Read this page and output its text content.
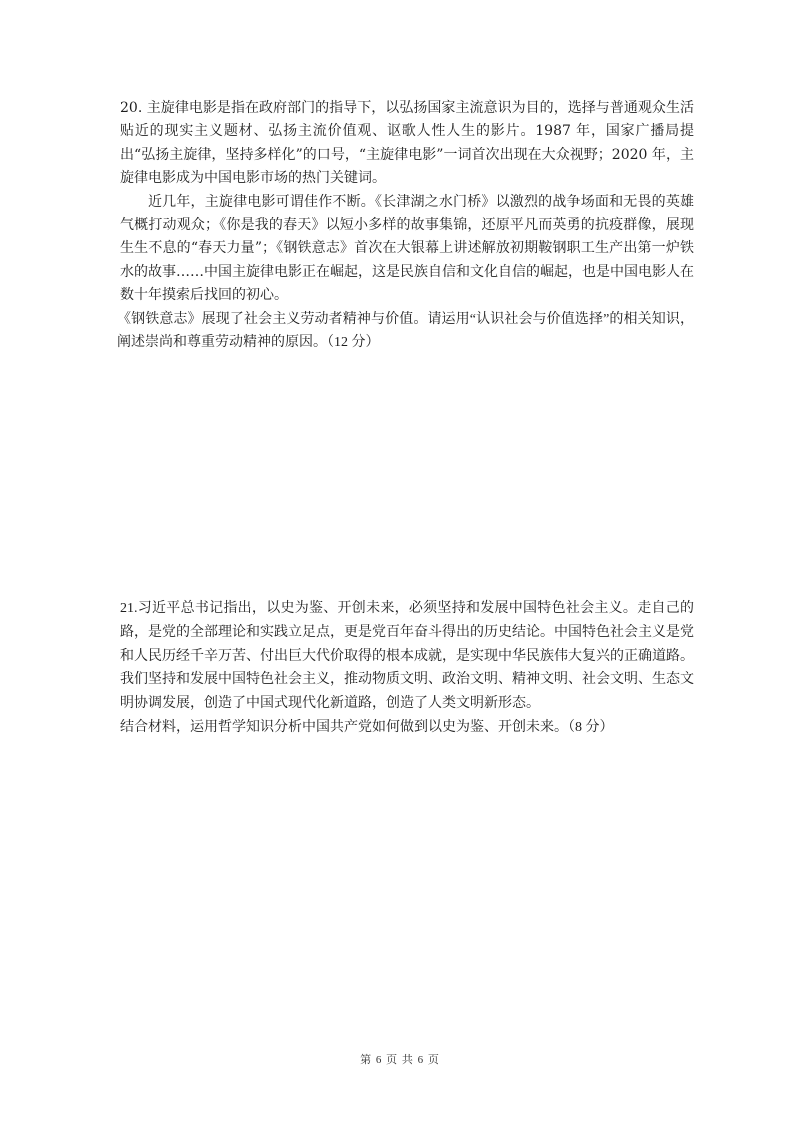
20. 主旋律电影是指在政府部门的指导下，以弘扬国家主流意识为目的，选择与普通观众生活贴近的现实主义题材、弘扬主流价值观、讴歌人性人生的影片。1987 年，国家广播局提出“弘扬主旋律，坚持多样化”的口号，“主旋律电影”一词首次出现在大众视野；2020 年，主旋律电影成为中国电影市场的热门关键词。

近几年，主旋律电影可谓佳作不断。《长津湖之水门桥》以激烈的战争场面和无畏的英雄气概打动观众；《你是我的春天》以短小多样的故事集锦，还原平凡而英勇的抗疫群像，展现生生不息的“春天力量”；《钢铁意志》首次在大银幕上讲述解放初期鞍钢职工生产出第一炉铁水的故事……中国主旋律电影正在崛起，这是民族自信和文化自信的崛起，也是中国电影人在数十年摸索后找回的初心。

《钢铁意志》展现了社会主义劳动者精神与价值。请运用“认识社会与价值选择”的相关知识，阐述崇尚和尊重劳动精神的原因。（12 分）

21.习近平总书记指出，以史为鉴、开创未来，必须坚持和发展中国特色社会主义。走自己的路，是党的全部理论和实践立足点，更是党百年奋斗得出的历史结论。中国特色社会主义是党和人民历经千辛万苦、付出巨大代价取得的根本成就，是实现中华民族伟大复兴的正确道路。我们坚持和发展中国特色社会主义，推动物质文明、政治文明、精神文明、社会文明、生态文明协调发展，创造了中国式现代化新道路，创造了人类文明新形态。

结合材料，运用哲学知识分析中国共产党如何做到以史为鉴、开创未来。（8 分）

第 6 页 共 6 页
